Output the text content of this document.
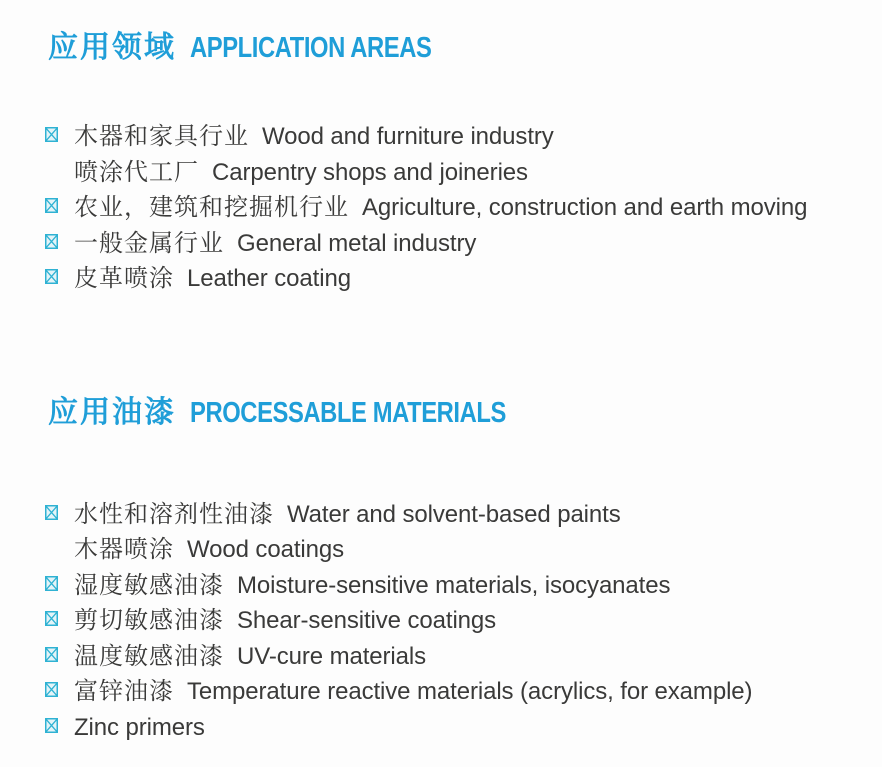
应用领域 APPLICATION AREAS
木器和家具行业 Wood and furniture industry
喷涂代工厂 Carpentry shops and joineries
农业，建筑和挖掘机行业 Agriculture, construction and earth moving
一般金属行业 General metal industry
皮革喷涂 Leather coating
应用油漆 PROCESSABLE MATERIALS
水性和溶剂性油漆 Water and solvent-based paints
木器喷涂 Wood coatings
湿度敏感油漆 Moisture-sensitive materials, isocyanates
剪切敏感油漆 Shear-sensitive coatings
温度敏感油漆 UV-cure materials
富锌油漆 Temperature reactive materials (acrylics, for example)
Zinc primers
